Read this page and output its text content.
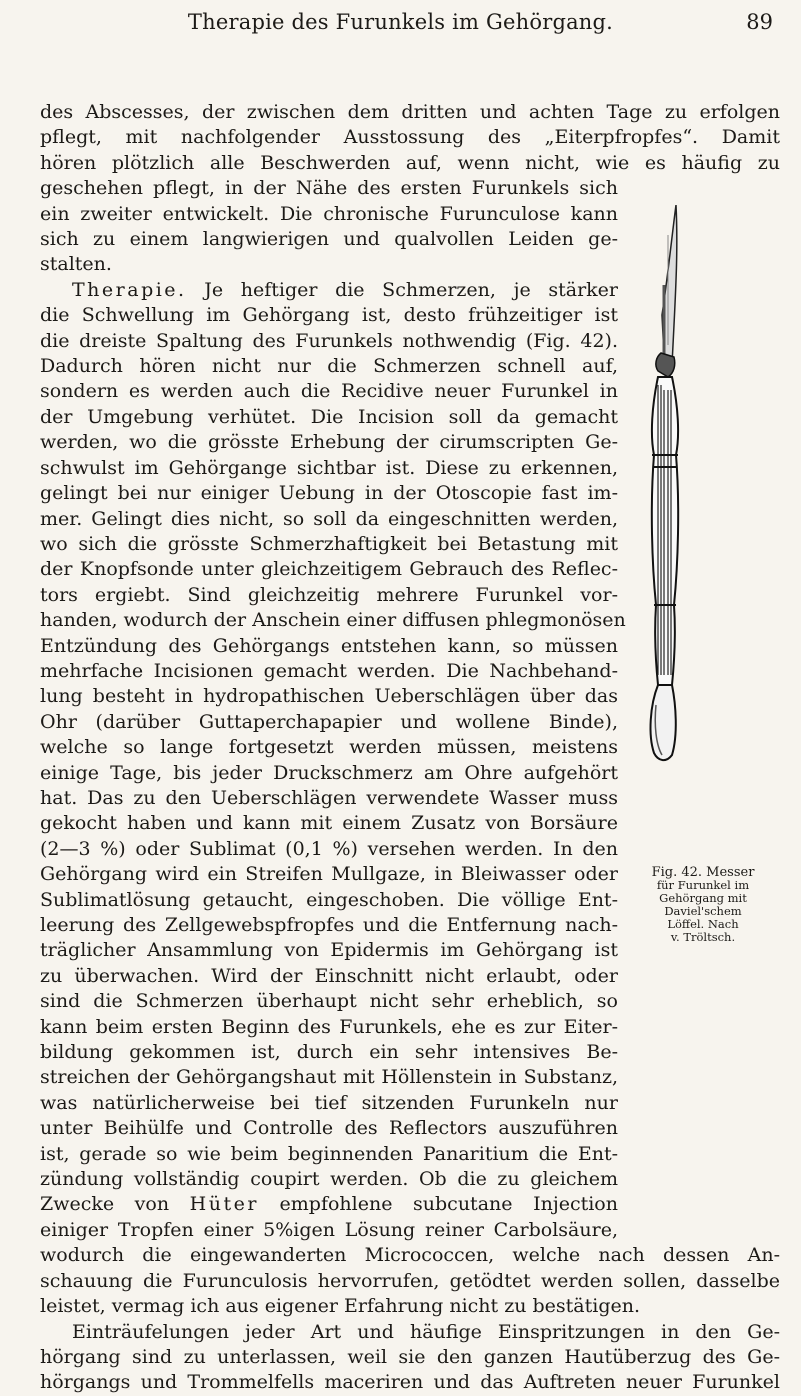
Therapie des Furunkels im Gehörgang.	89

des Abscesses, der zwischen dem dritten und achten Tage zu erfolgen
pflegt, mit nachfolgender Ausstossung des „Eiterpfropfes“. Damit
hören plötzlich alle Beschwerden auf, wenn nicht, wie es häufig zu
geschehen pflegt, in der Nähe des ersten Furunkels sich
ein zweiter entwickelt. Die chronische Furunculose kann
sich zu einem langwierigen und qualvollen Leiden ge-
stalten.

Therapie. Je heftiger die Schmerzen, je stärker
die Schwellung im Gehörgang ist, desto frühzeitiger ist
die dreiste Spaltung des Furunkels nothwendig (Fig. 42).
Dadurch hören nicht nur die Schmerzen schnell auf,
sondern es werden auch die Recidive neuer Furunkel in
der Umgebung verhütet. Die Incision soll da gemacht
werden, wo die grösste Erhebung der cirumscripten Ge-
schwulst im Gehörgange sichtbar ist. Diese zu erkennen,
gelingt bei nur einiger Uebung in der Otoscopie fast im-
mer. Gelingt dies nicht, so soll da eingeschnitten werden,
wo sich die grösste Schmerzhaftigkeit bei Betastung mit
der Knopfsonde unter gleichzeitigem Gebrauch des Reflec-
tors ergiebt. Sind gleichzeitig mehrere Furunkel vor-
handen, wodurch der Anschein einer diffusen phlegmonösen
Entzündung des Gehörgangs entstehen kann, so müssen
mehrfache Incisionen gemacht werden. Die Nachbehand-
lung besteht in hydropathischen Ueberschlägen über das
Ohr (darüber Guttaperchapapier und wollene Binde),
welche so lange fortgesetzt werden müssen, meistens
einige Tage, bis jeder Druckschmerz am Ohre aufgehört
hat. Das zu den Ueberschlägen verwendete Wasser muss
gekocht haben und kann mit einem Zusatz von Borsäure
(2—3 %) oder Sublimat (0,1 %) versehen werden. In den
Gehörgang wird ein Streifen Mullgaze, in Bleiwasser oder
Sublimatlösung getaucht, eingeschoben. Die völlige Ent-
leerung des Zellgewebspfropfes und die Entfernung nach-
träglicher Ansammlung von Epidermis im Gehörgang ist
zu überwachen. Wird der Einschnitt nicht erlaubt, oder
sind die Schmerzen überhaupt nicht sehr erheblich, so
kann beim ersten Beginn des Furunkels, ehe es zur Eiter-
bildung gekommen ist, durch ein sehr intensives Be-
streichen der Gehörgangshaut mit Höllenstein in Substanz,
was natürlicherweise bei tief sitzenden Furunkeln nur
unter Beihülfe und Controlle des Reflectors auszuführen
ist, gerade so wie beim beginnenden Panaritium die Ent-
zündung vollständig coupirt werden. Ob die zu gleichem
Zwecke von Hüter empfohlene subcutane Injection
einiger Tropfen einer 5%igen Lösung reiner Carbolsäure,
wodurch die eingewanderten Micrococcen, welche nach dessen An-
schauung die Furunculosis hervorrufen, getödtet werden sollen, dasselbe
leistet, vermag ich aus eigener Erfahrung nicht zu bestätigen.

Einträufelungen jeder Art und häufige Einspritzungen in den Ge-
hörgang sind zu unterlassen, weil sie den ganzen Hautüberzug des Ge-
hörgangs und Trommelfells maceriren und das Auftreten neuer Furunkel

Fig. 42. Messer
für Furunkel im
Gehörgang mit
Daviel'schem
Löffel. Nach
v. Tröltsch.
